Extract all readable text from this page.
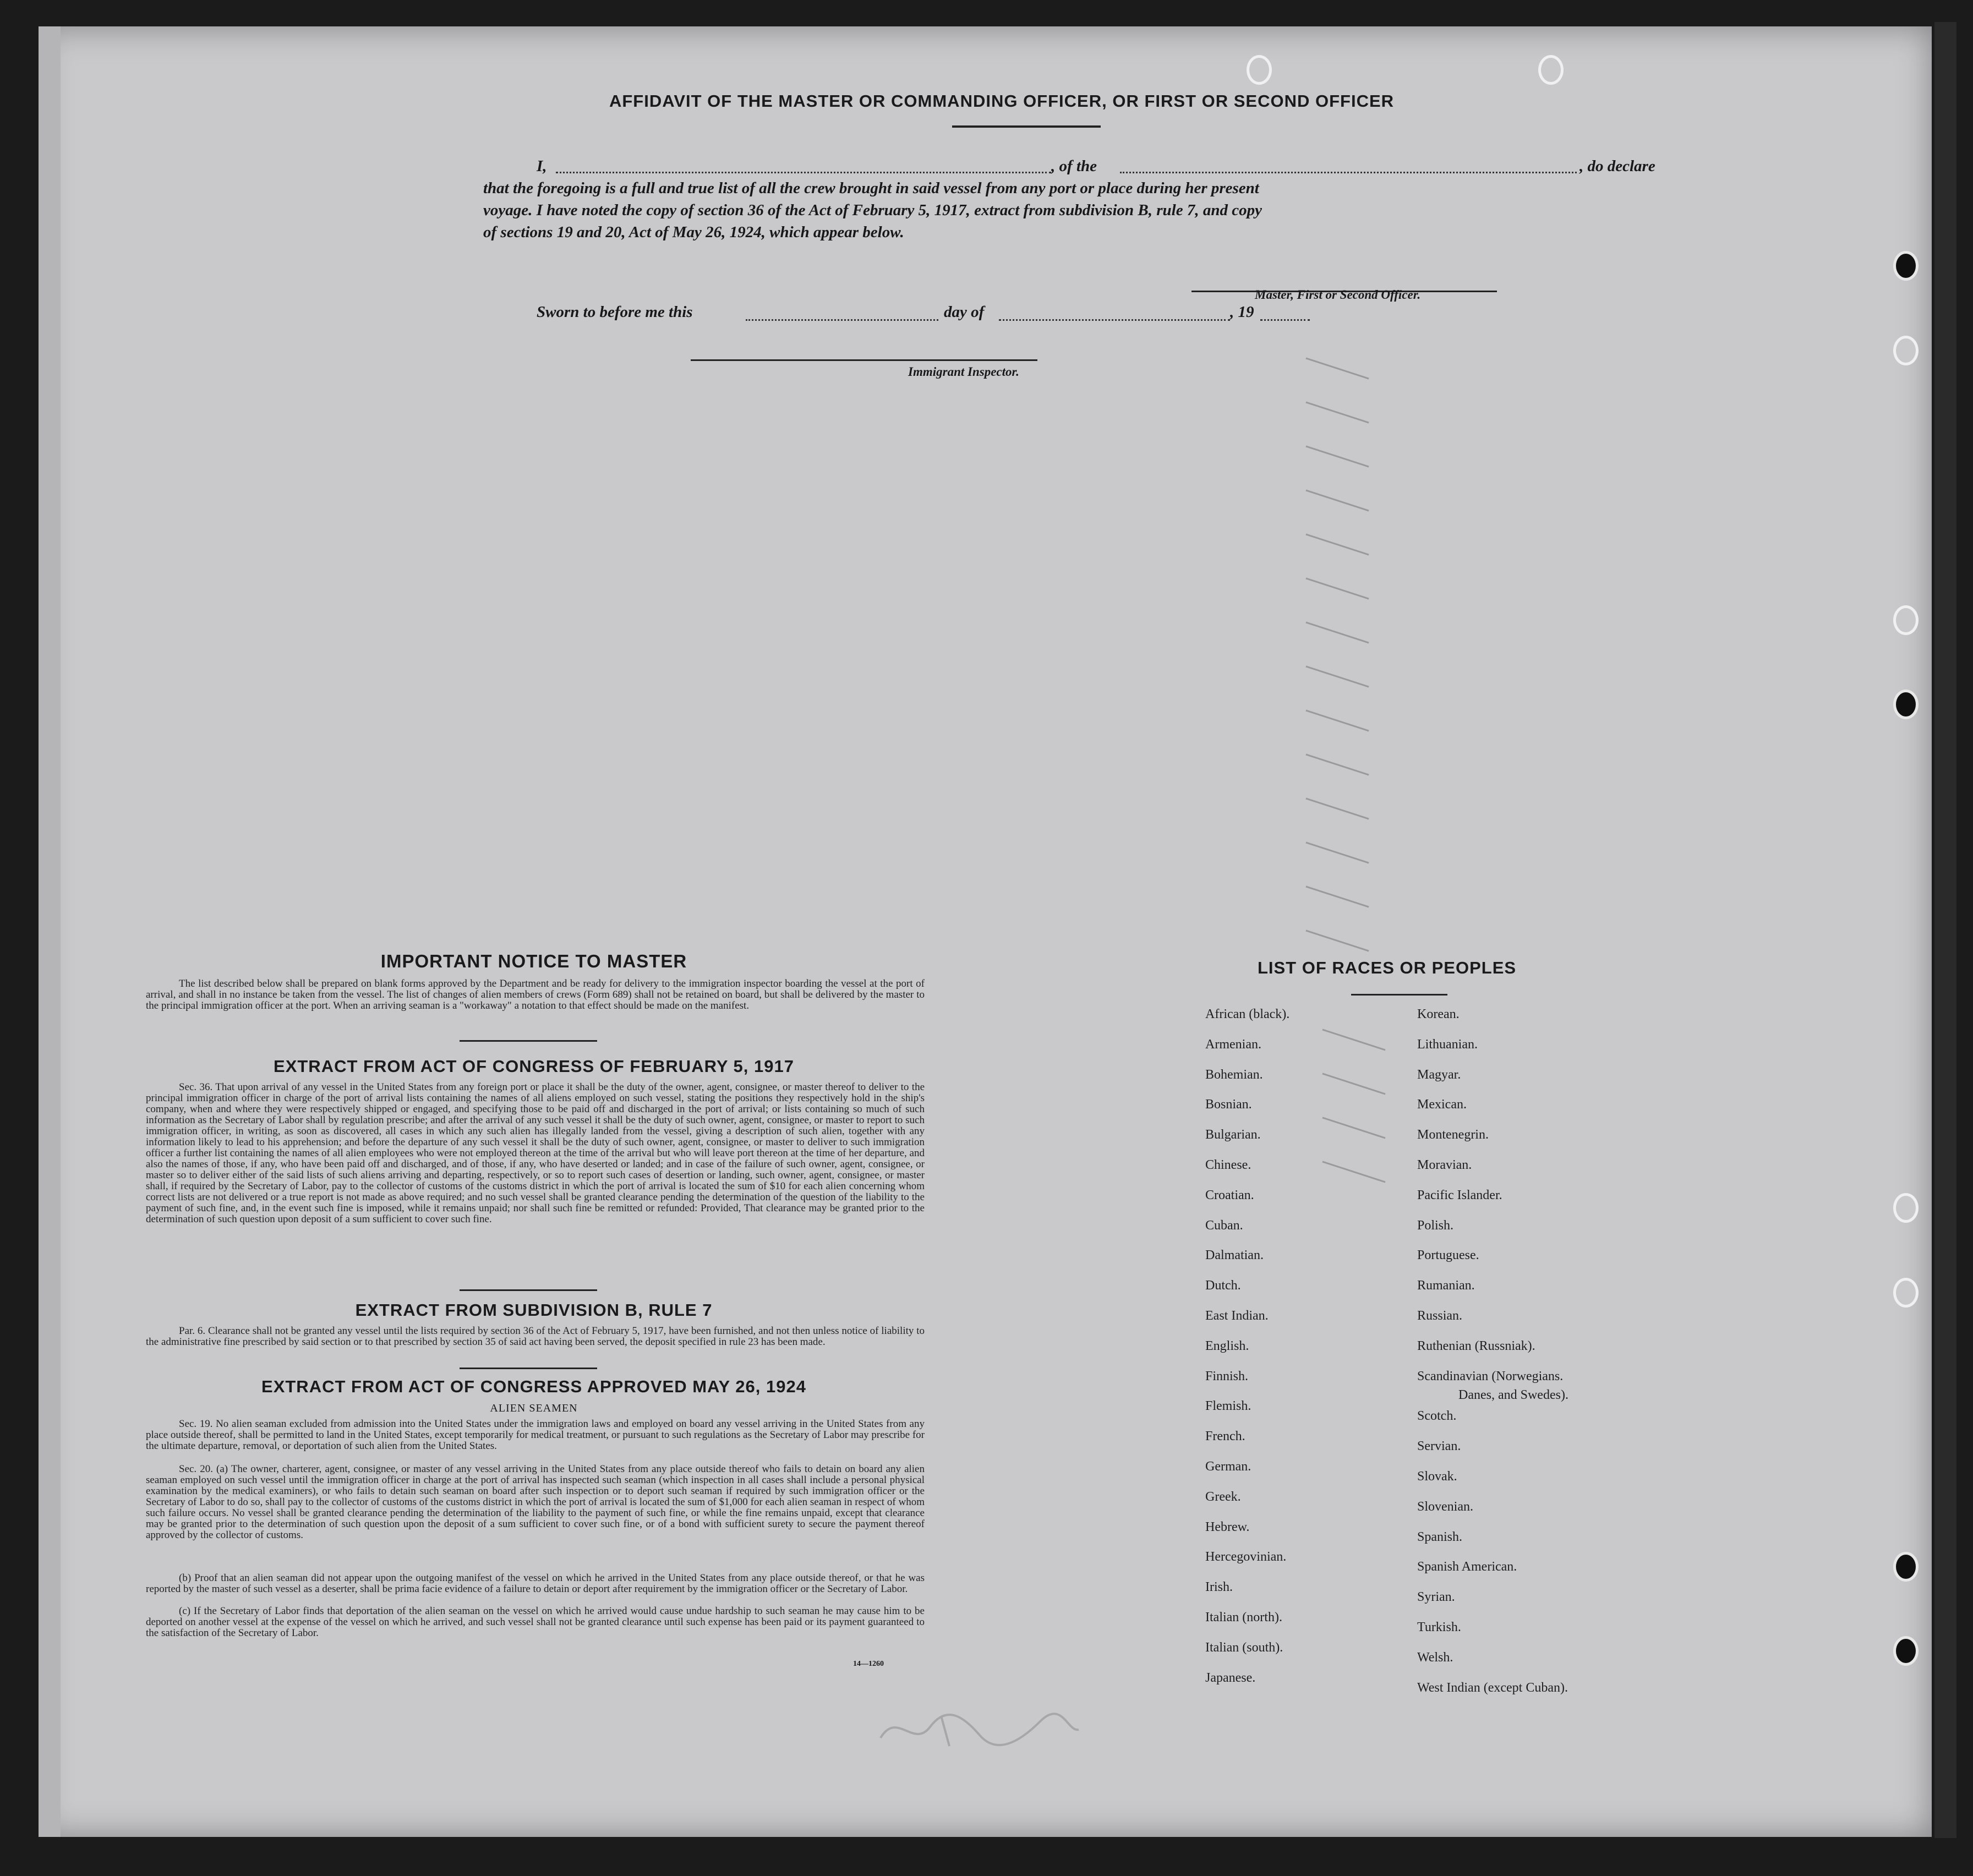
AFFIDAVIT OF THE MASTER OR COMMANDING OFFICER, OR FIRST OR SECOND OFFICER
I,	, of the	, do declare
that the foregoing is a full and true list of all the crew brought in said vessel from any port or place during her present
voyage. I have noted the copy of section 36 of the Act of February 5, 1917, extract from subdivision B, rule 7, and copy
of sections 19 and 20, Act of May 26, 1924, which appear below.
Master, First or Second Officer.
Sworn to before me this	day of	, 19
Immigrant Inspector.
IMPORTANT NOTICE TO MASTER
The list described below shall be prepared on blank forms approved by the Department and be ready for delivery to the immigration inspector boarding the vessel at the port of arrival, and shall in no instance be taken from the vessel. The list of changes of alien members of crews (Form 689) shall not be retained on board, but shall be delivered by the master to the principal immigration officer at the port. When an arriving seaman is a "workaway" a notation to that effect should be made on the manifest.
EXTRACT FROM ACT OF CONGRESS OF FEBRUARY 5, 1917
Sec. 36. That upon arrival of any vessel in the United States from any foreign port or place it shall be the duty of the owner, agent, consignee, or master thereof to deliver to the principal immigration officer in charge of the port of arrival lists containing the names of all aliens employed on such vessel, stating the positions they respectively hold in the ship's company, when and where they were respectively shipped or engaged, and specifying those to be paid off and discharged in the port of arrival; or lists containing so much of such information as the Secretary of Labor shall by regulation prescribe; and after the arrival of any such vessel it shall be the duty of such owner, agent, consignee, or master to report to such immigration officer, in writing, as soon as discovered, all cases in which any such alien has illegally landed from the vessel, giving a description of such alien, together with any information likely to lead to his apprehension; and before the departure of any such vessel it shall be the duty of such owner, agent, consignee, or master to deliver to such immigration officer a further list containing the names of all alien employees who were not employed thereon at the time of the arrival but who will leave port thereon at the time of her departure, and also the names of those, if any, who have been paid off and discharged, and of those, if any, who have deserted or landed; and in case of the failure of such owner, agent, consignee, or master so to deliver either of the said lists of such aliens arriving and departing, respectively, or so to report such cases of desertion or landing, such owner, agent, consignee, or master shall, if required by the Secretary of Labor, pay to the collector of customs of the customs district in which the port of arrival is located the sum of $10 for each alien concerning whom correct lists are not delivered or a true report is not made as above required; and no such vessel shall be granted clearance pending the determination of the question of the liability to the payment of such fine, and, in the event such fine is imposed, while it remains unpaid; nor shall such fine be remitted or refunded: Provided, That clearance may be granted prior to the determination of such question upon deposit of a sum sufficient to cover such fine.
EXTRACT FROM SUBDIVISION B, RULE 7
Par. 6. Clearance shall not be granted any vessel until the lists required by section 36 of the Act of February 5, 1917, have been furnished, and not then unless notice of liability to the administrative fine prescribed by said section or to that prescribed by section 35 of said act having been served, the deposit specified in rule 23 has been made.
EXTRACT FROM ACT OF CONGRESS APPROVED MAY 26, 1924
ALIEN SEAMEN
Sec. 19. No alien seaman excluded from admission into the United States under the immigration laws and employed on board any vessel arriving in the United States from any place outside thereof, shall be permitted to land in the United States, except temporarily for medical treatment, or pursuant to such regulations as the Secretary of Labor may prescribe for the ultimate departure, removal, or deportation of such alien from the United States.
Sec. 20. (a) The owner, charterer, agent, consignee, or master of any vessel arriving in the United States from any place outside thereof who fails to detain on board any alien seaman employed on such vessel until the immigration officer in charge at the port of arrival has inspected such seaman (which inspection in all cases shall include a personal physical examination by the medical examiners), or who fails to detain such seaman on board after such inspection or to deport such seaman if required by such immigration officer or the Secretary of Labor to do so, shall pay to the collector of customs of the customs district in which the port of arrival is located the sum of $1,000 for each alien seaman in respect of whom such failure occurs. No vessel shall be granted clearance pending the determination of the liability to the payment of such fine, or while the fine remains unpaid, except that clearance may be granted prior to the determination of such question upon the deposit of a sum sufficient to cover such fine, or of a bond with sufficient surety to secure the payment thereof approved by the collector of customs.
(b) Proof that an alien seaman did not appear upon the outgoing manifest of the vessel on which he arrived in the United States from any place outside thereof, or that he was reported by the master of such vessel as a deserter, shall be prima facie evidence of a failure to detain or deport after requirement by the immigration officer or the Secretary of Labor.
(c) If the Secretary of Labor finds that deportation of the alien seaman on the vessel on which he arrived would cause undue hardship to such seaman he may cause him to be deported on another vessel at the expense of the vessel on which he arrived, and such vessel shall not be granted clearance until such expense has been paid or its payment guaranteed to the satisfaction of the Secretary of Labor.
14—1260
LIST OF RACES OR PEOPLES
Danes, and Swedes).
African (black).
Armenian.
Bohemian.
Bosnian.
Bulgarian.
Chinese.
Croatian.
Cuban.
Dalmatian.
Dutch.
East Indian.
English.
Finnish.
Flemish.
French.
German.
Greek.
Hebrew.
Hercegovinian.
Irish.
Italian (north).
Italian (south).
Japanese.
Korean.
Lithuanian.
Magyar.
Mexican.
Montenegrin.
Moravian.
Pacific Islander.
Polish.
Portuguese.
Rumanian.
Russian.
Ruthenian (Russniak).
Scandinavian (Norwegians.
Scotch.
Servian.
Slovak.
Slovenian.
Spanish.
Spanish American.
Syrian.
Turkish.
Welsh.
West Indian (except Cuban).
